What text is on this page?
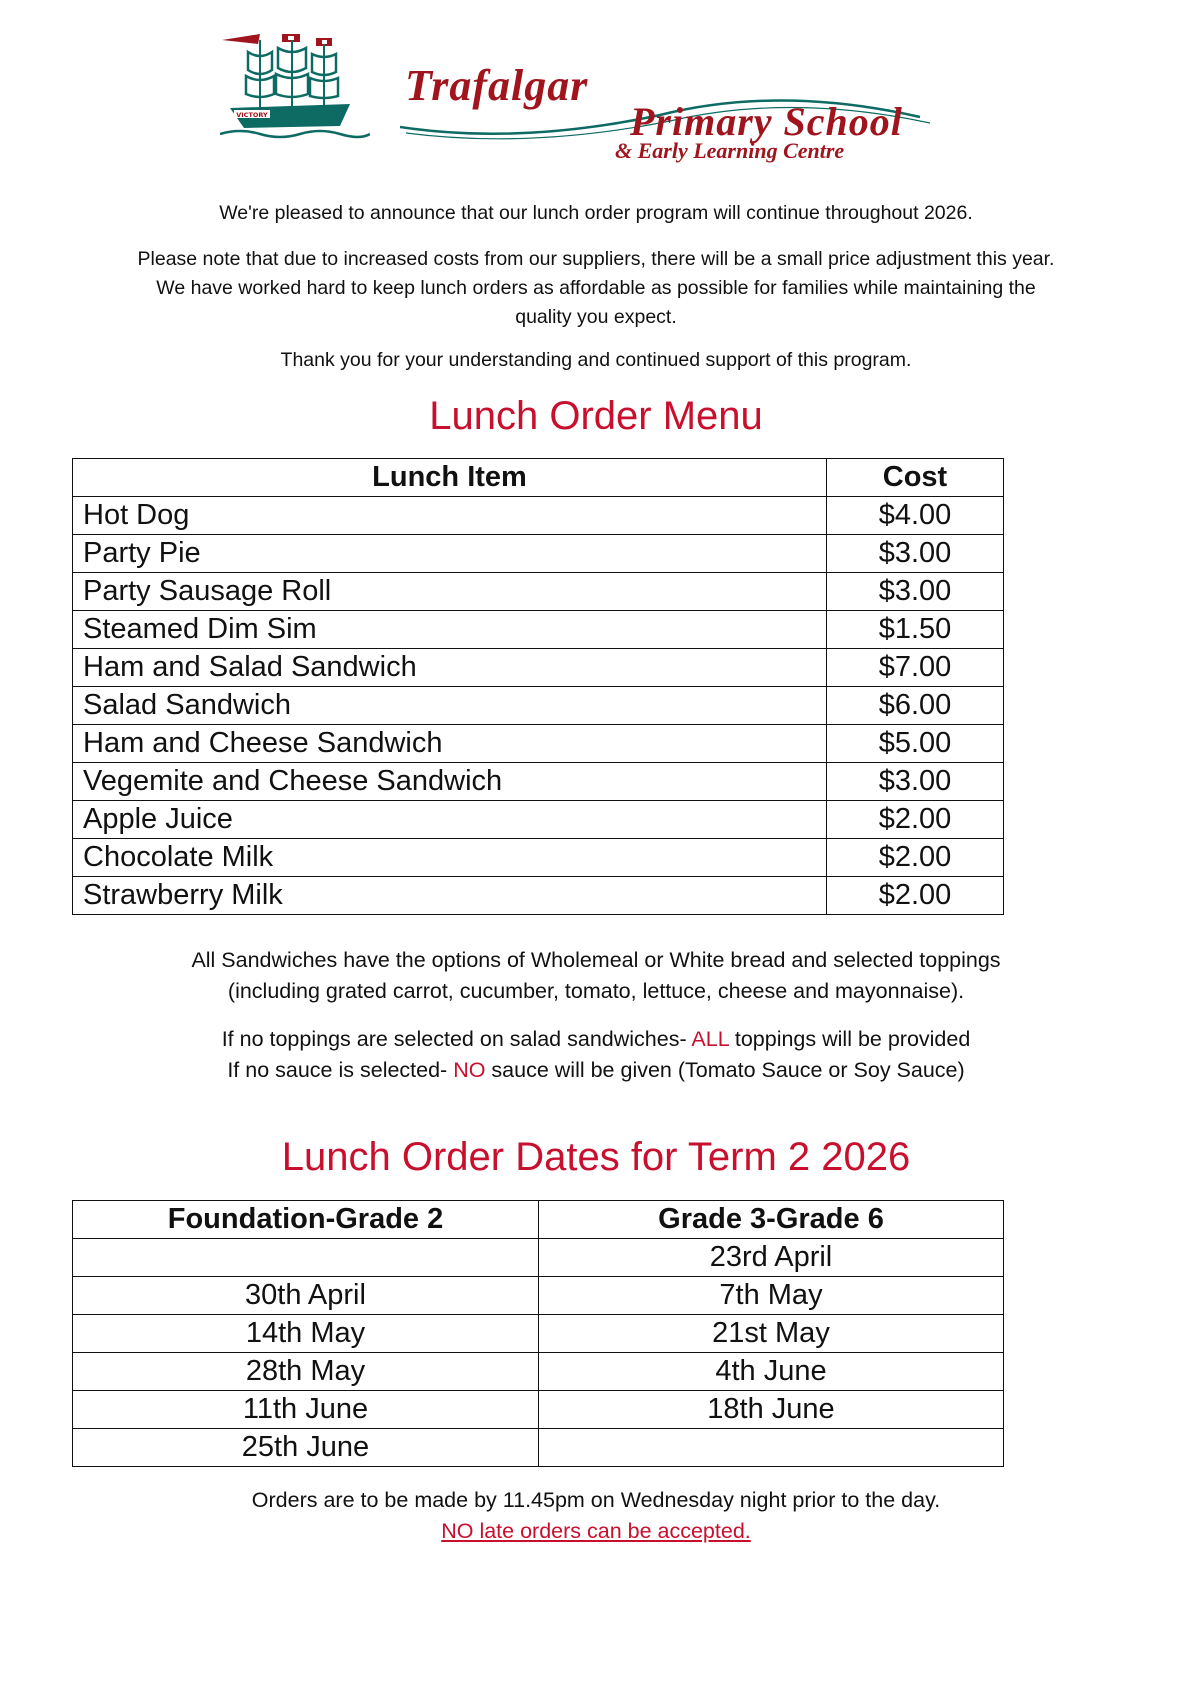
VICTORY
Trafalgar
Primary School
& Early Learning Centre

We're pleased to announce that our lunch order program will continue throughout 2026.

Please note that due to increased costs from our suppliers, there will be a small price adjustment this year.

We have worked hard to keep lunch orders as affordable as possible for families while maintaining the

quality you expect.

Thank you for your understanding and continued support of this program.

Lunch Order Menu
Lunch Item	Cost
Hot Dog	$4.00
Party Pie	$3.00
Party Sausage Roll	$3.00
Steamed Dim Sim	$1.50
Ham and Salad Sandwich	$7.00
Salad Sandwich	$6.00
Ham and Cheese Sandwich	$5.00
Vegemite and Cheese Sandwich	$3.00
Apple Juice	$2.00
Chocolate Milk	$2.00
Strawberry Milk	$2.00

All Sandwiches have the options of Wholemeal or White bread and selected toppings

(including grated carrot, cucumber, tomato, lettuce, cheese and mayonnaise).

If no toppings are selected on salad sandwiches- ALL toppings will be provided

If no sauce is selected- NO sauce will be given (Tomato Sauce or Soy Sauce)

Lunch Order Dates for Term 2 2026
Foundation-Grade 2	Grade 3-Grade 6
	23rd April
30th April	7th May
14th May	21st May
28th May	4th June
11th June	18th June
25th June	

Orders are to be made by 11.45pm on Wednesday night prior to the day.

NO late orders can be accepted.
